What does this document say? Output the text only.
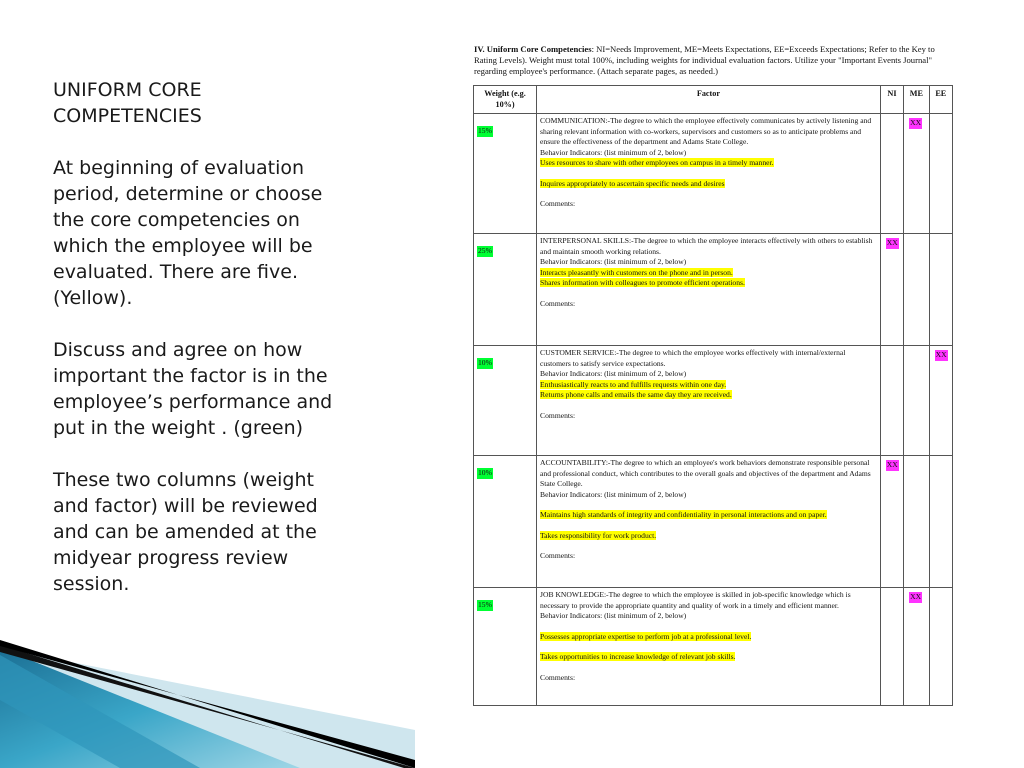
UNIFORM CORE COMPETENCIES

At beginning of evaluation period, determine or choose the core competencies on which the employee will be evaluated. There are five. (Yellow).

Discuss and agree on how important the factor is in the employee’s performance and put in the weight . (green)

These two columns (weight and factor) will be reviewed and can be amended at the midyear progress review session.

IV. Uniform Core Competencies: NI=Needs Improvement, ME=Meets Expectations, EE=Exceeds Expectations; Refer to the Key to Rating Levels). Weight must total 100%, including weights for individual evaluation factors. Utilize your "Important Events Journal" regarding employee's performance. (Attach separate pages, as needed.)
Weight (e.g. 10%)	Factor	NI	ME	EE
15%	COMMUNICATION:-The degree to which the employee effectively communicates by actively listening and sharing relevant information with co-workers, supervisors and customers so as to anticipate problems and ensure the effectiveness of the department and Adams State College.
Behavior Indicators: (list minimum of 2, below)
Uses resources to share with other employees on campus in a timely manner.
Inquires appropriately to ascertain specific needs and desires
Comments:		XX	
25%	INTERPERSONAL SKILLS:-The degree to which the employee interacts effectively with others to establish and maintain smooth working relations.
Behavior Indicators: (list minimum of 2, below)
Interacts pleasantly with customers on the phone and in person.
Shares information with colleagues to promote efficient operations.
Comments:	XX		
10%	CUSTOMER SERVICE:-The degree to which the employee works effectively with internal/external customers to satisfy service expectations.
Behavior Indicators: (list minimum of 2, below)
Enthusiastically reacts to and fulfills requests within one day.
Returns phone calls and emails the same day they are received.
Comments:			XX
10%	ACCOUNTABILITY:-The degree to which an employee's work behaviors demonstrate responsible personal and professional conduct, which contributes to the overall goals and objectives of the department and Adams State College.
Behavior Indicators: (list minimum of 2, below)
Maintains high standards of integrity and confidentiality in personal interactions and on paper.
Takes responsibility for work product.
Comments:	XX		
15%	JOB KNOWLEDGE:-The degree to which the employee is skilled in job-specific knowledge which is necessary to provide the appropriate quantity and quality of work in a timely and efficient manner.
Behavior Indicators: (list minimum of 2, below)
Possesses appropriate expertise to perform job at a professional level.
Takes opportunities to increase knowledge of relevant job skills.
Comments:		XX	
